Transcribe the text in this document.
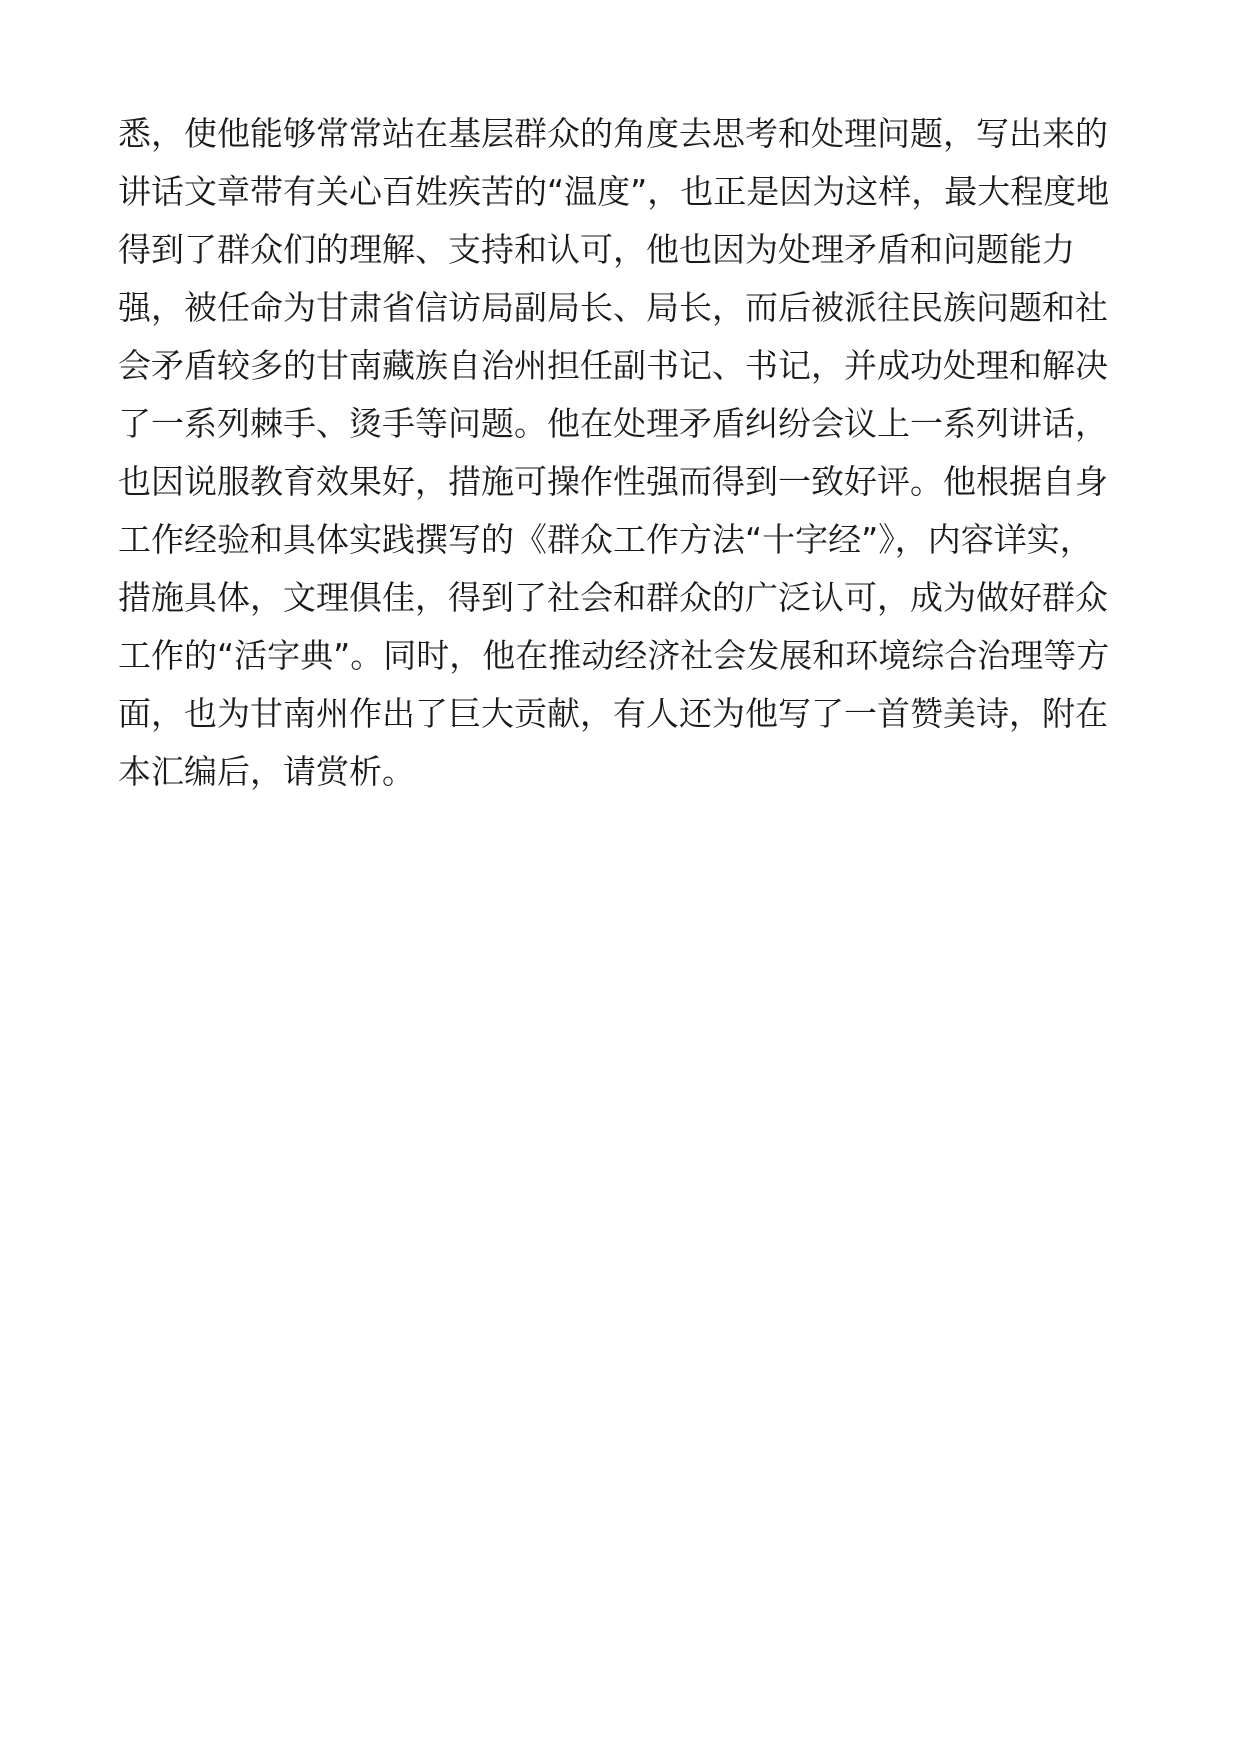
悉，使他能够常常站在基层群众的角度去思考和处理问题，写出来的
讲话文章带有关心百姓疾苦的“温度”，也正是因为这样，最大程度地
得到了群众们的理解、支持和认可，他也因为处理矛盾和问题能力
强，被任命为甘肃省信访局副局长、局长，而后被派往民族问题和社
会矛盾较多的甘南藏族自治州担任副书记、书记，并成功处理和解决
了一系列棘手、烫手等问题。他在处理矛盾纠纷会议上一系列讲话，
也因说服教育效果好，措施可操作性强而得到一致好评。他根据自身
工作经验和具体实践撰写的《群众工作方法“十字经”》，内容详实，
措施具体，文理俱佳，得到了社会和群众的广泛认可，成为做好群众
工作的“活字典”。同时，他在推动经济社会发展和环境综合治理等方
面，也为甘南州作出了巨大贡献，有人还为他写了一首赞美诗，附在
本汇编后，请赏析。
